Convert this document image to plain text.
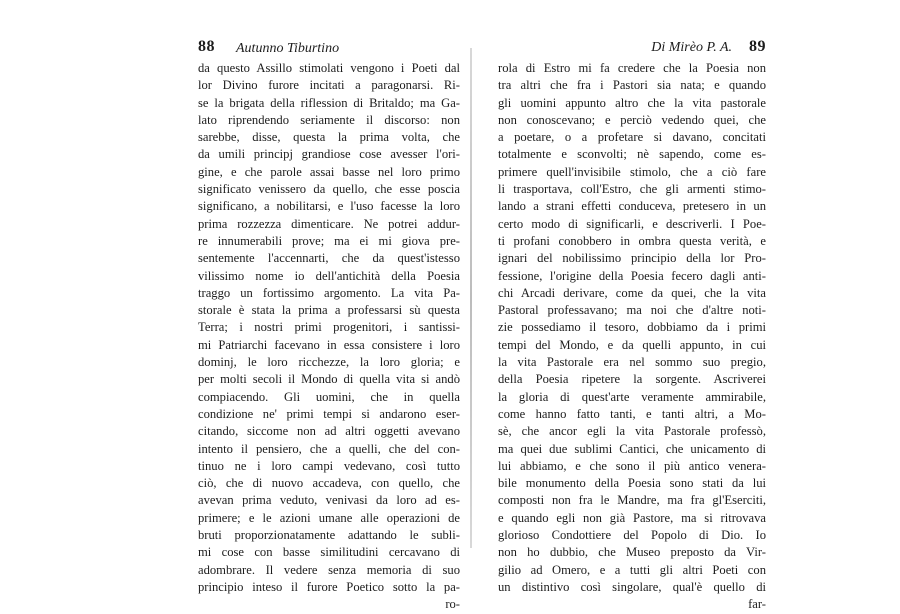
88 Autunno Tiburtino
da questo Assillo stimolati vengono i Poeti dal
lor Divino furore incitati a paragonarsi. Ri-
se la brigata della riflession di Britaldo; ma Ga-
lato riprendendo seriamente il discorso: non
sarebbe, disse, questa la prima volta, che
da umili principj grandiose cose avesser l'ori-
gine, e che parole assai basse nel loro primo
significato venissero da quello, che esse poscia
significano, a nobilitarsi, e l'uso facesse la loro
prima rozzezza dimenticare. Ne potrei addur-
re innumerabili prove; ma ei mi giova pre-
sentemente l'accennarti, che da quest'istesso
vilissimo nome io dell'antichità della Poesia
traggo un fortissimo argomento. La vita Pa-
storale è stata la prima a professarsi sù questa
Terra; i nostri primi progenitori, i santissi-
mi Patriarchi facevano in essa consistere i loro
dominj, le loro ricchezze, la loro gloria; e
per molti secoli il Mondo di quella vita si andò
compiacendo. Gli uomini, che in quella
condizione ne' primi tempi si andarono eser-
citando, siccome non ad altri oggetti avevano
intento il pensiero, che a quelli, che del con-
tinuo ne i loro campi vedevano, così tutto
ciò, che di nuovo accadeva, con quello, che
avevan prima veduto, venivasi da loro ad es-
primere; e le azioni umane alle operazioni de
bruti proporzionatamente adattando le subli-
mi cose con basse similitudini cercavano di
adombrare. Il vedere senza memoria di suo
principio inteso il furore Poetico sotto la pa-
ro-
Di Mirèo P. A. 89
rola di Estro mi fa credere che la Poesia non
tra altri che fra i Pastori sia nata; e quando
gli uomini appunto altro che la vita pastorale
non conoscevano; e perciò vedendo quei, che
a poetare, o a profetare si davano, concitati
totalmente e sconvolti; nè sapendo, come es-
primere quell'invisibile stimolo, che a ciò fare
li trasportava, coll'Estro, che gli armenti stimo-
lando a strani effetti conduceva, pretesero in un
certo modo di significarli, e descriverli. I Poe-
ti profani conobbero in ombra questa verità, e
ignari del nobilissimo principio della lor Pro-
fessione, l'origine della Poesia fecero dagli anti-
chi Arcadi derivare, come da quei, che la vita
Pastoral professavano; ma noi che d'altre noti-
zie possediamo il tesoro, dobbiamo da i primi
tempi del Mondo, e da quelli appunto, in cui
la vita Pastorale era nel sommo suo pregio,
della Poesia ripetere la sorgente. Ascriverei
la gloria di quest'arte veramente ammirabile,
come hanno fatto tanti, e tanti altri, a Mo-
sè, che ancor egli la vita Pastorale professò,
ma quei due sublimi Cantici, che unicamento di
lui abbiamo, e che sono il più antico venera-
bile monumento della Poesia sono stati da lui
composti non fra le Mandre, ma fra gl'Eserciti,
e quando egli non già Pastore, ma si ritrovava
glorioso Condottiere del Popolo di Dio. Io
non ho dubbio, che Museo preposto da Vir-
gilio ad Omero, e a tutti gli altri Poeti con
un distintivo così singolare, qual'è quello di
far-
